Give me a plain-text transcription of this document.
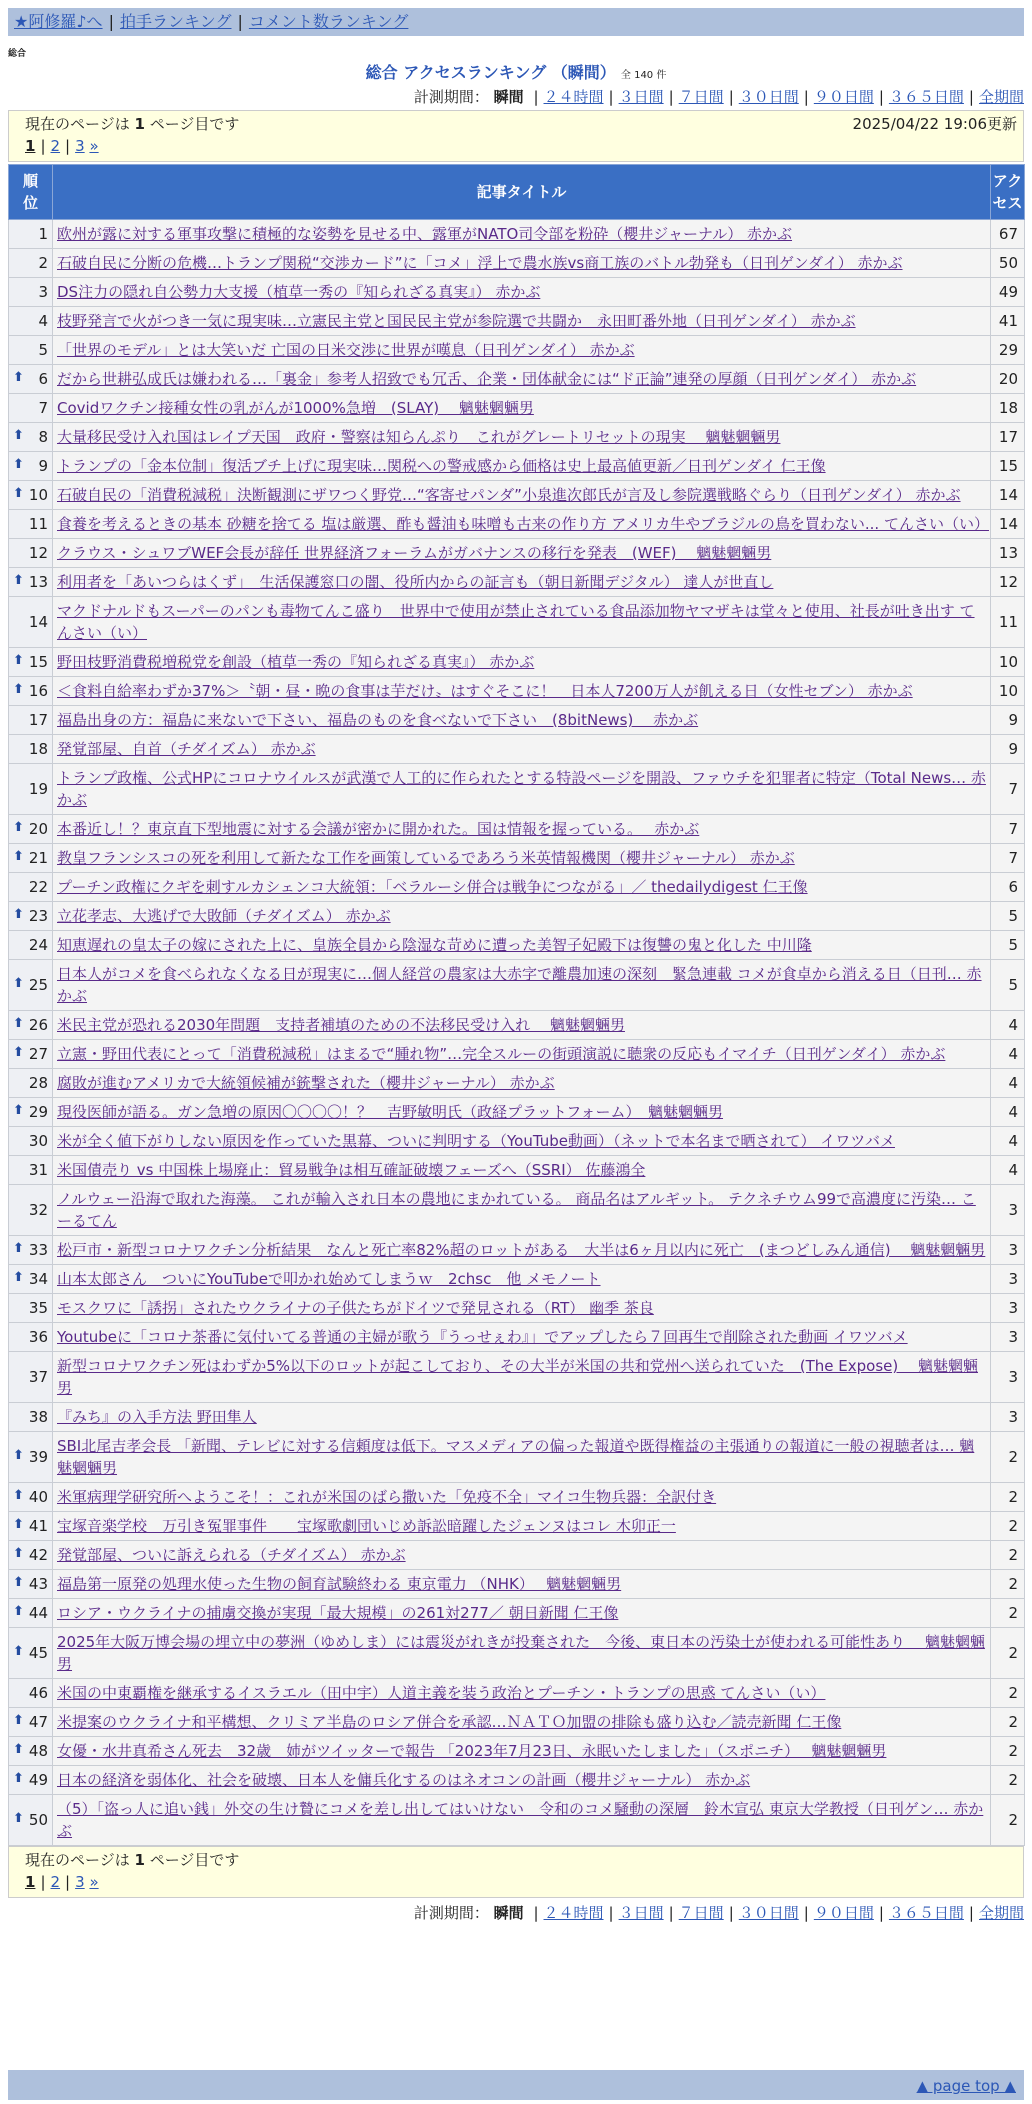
★阿修羅♪へ | 拍手ランキング | コメント数ランキング
総合
総合 アクセスランキング （瞬間） 全 140 件
計測期間： 瞬間 | ２４時間 | ３日間 | ７日間 | ３０日間 | ９０日間 | ３６５日間 | 全期間
現在のページは 1 ページ目です	2025/04/22 19:06更新
1 | 2 | 3 »
順位	記事タイトル	アクセス
1	欧州が露に対する軍事攻撃に積極的な姿勢を見せる中、露軍がNATO司令部を粉砕（櫻井ジャーナル） 赤かぶ	67
2	石破自民に分断の危機…トランプ関税“交渉カード”に「コメ」浮上で農水族vs商工族のバトル勃発も（日刊ゲンダイ） 赤かぶ	50
3	DS注力の隠れ自公勢力大支援（植草一秀の『知られざる真実』） 赤かぶ	49
4	枝野発言で火がつき一気に現実味…立憲民主党と国民民主党が参院選で共闘か　永田町番外地（日刊ゲンダイ） 赤かぶ	41
5	「世界のモデル」とは大笑いだ 亡国の日米交渉に世界が嘆息（日刊ゲンダイ） 赤かぶ	29

⬆ 6	だから世耕弘成氏は嫌われる…「裏金」参考人招致でも冗舌、企業・団体献金には“ド正論”連発の厚顔（日刊ゲンダイ） 赤かぶ	20
7	Covidワクチン接種女性の乳がんが1000%急増　(SLAY)　 魑魅魍魎男	18

⬆ 8	大量移民受け入れ国はレイプ天国　政府・警察は知らんぷり　これがグレートリセットの現実　 魑魅魍魎男	17

⬆ 9	トランプの「金本位制」復活ブチ上げに現実味…関税への警戒感から価格は史上最高値更新／日刊ゲンダイ 仁王像	15

⬆ 10	石破自民の「消費税減税」決断観測にザワつく野党…“客寄せパンダ”小泉進次郎氏が言及し参院選戦略ぐらり（日刊ゲンダイ） 赤かぶ	14
11	食養を考えるときの基本 砂糖を捨てる 塩は厳選、酢も醤油も味噌も古来の作り方 アメリカ牛やブラジルの鳥を買わない... てんさい（い）	14
12	クラウス・シュワブWEF会長が辞任 世界経済フォーラムがガバナンスの移行を発表　(WEF)　 魑魅魍魎男	13

⬆ 13	利用者を「あいつらはくず」　生活保護窓口の闇、役所内からの証言も（朝日新聞デジタル） 達人が世直し	12
14	マクドナルドもスーパーのパンも毒物てんこ盛り　世界中で使用が禁止されている食品添加物ヤマザキは堂々と使用、社長が吐き出す てんさい（い）	11

⬆ 15	野田枝野消費税増税党を創設（植草一秀の『知られざる真実』） 赤かぶ	10

⬆ 16	＜食料自給率わずか37%＞〝朝・昼・晩の食事は芋だけ〟はすぐそこに！　日本人7200万人が飢える日（女性セブン） 赤かぶ	10
17	福島出身の方：福島に来ないで下さい、福島のものを食べないで下さい　(8bitNews)　 赤かぶ	9
18	発覚部屋、自首（チダイズム） 赤かぶ	9
19	トランプ政権、公式HPにコロナウイルスが武漢で人工的に作られたとする特設ページを開設、ファウチを犯罪者に特定（Total News… 赤かぶ	7

⬆ 20	本番近し！？東京直下型地震に対する会議が密かに開かれた。国は情報を握っている。　 赤かぶ	7

⬆ 21	教皇フランシスコの死を利用して新たな工作を画策しているであろう米英情報機関（櫻井ジャーナル） 赤かぶ	7
22	プーチン政権にクギを刺すルカシェンコ大統領：「ベラルーシ併合は戦争につながる」／ thedailydigest 仁王像	6

⬆ 23	立花孝志、大逃げで大敗師（チダイズム） 赤かぶ	5
24	知恵遅れの皇太子の嫁にされた上に、皇族全員から陰湿な苛めに遭った美智子妃殿下は復讐の鬼と化した 中川隆	5

⬆ 25	日本人がコメを食べられなくなる日が現実に…個人経営の農家は大赤字で離農加速の深刻　緊急連載 コメが食卓から消える日（日刊… 赤かぶ	5

⬆ 26	米民主党が恐れる2030年問題　支持者補填のための不法移民受け入れ　 魑魅魍魎男	4

⬆ 27	立憲・野田代表にとって「消費税減税」はまるで“腫れ物”…完全スルーの街頭演説に聴衆の反応もイマイチ（日刊ゲンダイ） 赤かぶ	4
28	腐敗が進むアメリカで大統領候補が銃撃された（櫻井ジャーナル） 赤かぶ	4

⬆ 29	現役医師が語る。ガン急増の原因〇〇〇〇！？　吉野敏明氏（政経プラットフォーム）　魑魅魍魎男	4
30	米が全く値下がりしない原因を作っていた黒幕、ついに判明する（YouTube動画）（ネットで本名まで晒されて） イワツバメ	4
31	米国債売り vs 中国株上場廃止：貿易戦争は相互確証破壊フェーズへ（SSRI） 佐藤鴻全	4
32	ノルウェー沿海で取れた海藻。 これが輸入され日本の農地にまかれている。 商品名はアルギット。 テクネチウム99で高濃度に汚染… こーるてん	3

⬆ 33	松戸市・新型コロナワクチン分析結果　なんと死亡率82%超のロットがある　大半は6ヶ月以内に死亡　(まつどしみん通信)　 魑魅魍魎男	3

⬆ 34	山本太郎さん　ついにYouTubeで叩かれ始めてしまうｗ　2chsc　他 メモノート	3
35	モスクワに「誘拐」されたウクライナの子供たちがドイツで発見される（RT） 幽季 茶良	3
36	Youtubeに「コロナ茶番に気付いてる普通の主婦が歌う『うっせぇわ』」でアップしたら７回再生で削除された動画 イワツバメ	3
37	新型コロナワクチン死はわずか5%以下のロットが起こしており、その大半が米国の共和党州へ送られていた　(The Expose)　 魑魅魍魎男	3
38	『みち』の入手方法 野田隼人	3

⬆ 39	SBI北尾吉孝会長 「新聞、テレビに対する信頼度は低下。マスメディアの偏った報道や既得権益の主張通りの報道に一般の視聴者は… 魑魅魍魎男	2

⬆ 40	米軍病理学研究所へようこそ！：これが米国のばら撒いた「免疫不全」マイコ生物兵器：全訳付き	2

⬆ 41	宝塚音楽学校　万引き冤罪事件　　宝塚歌劇団いじめ訴訟暗躍したジェンヌはコレ 木卯正一	2

⬆ 42	発覚部屋、ついに訴えられる（チダイズム） 赤かぶ	2

⬆ 43	福島第一原発の処理水使った生物の飼育試験終わる 東京電力 （NHK）　 魑魅魍魎男	2

⬆ 44	ロシア・ウクライナの捕虜交換が実現「最大規模」の261対277／ 朝日新聞 仁王像	2

⬆ 45	2025年大阪万博会場の埋立中の夢洲（ゆめしま）には震災がれきが投棄された　今後、東日本の汚染土が使われる可能性あり　 魑魅魍魎男	2
46	米国の中東覇権を継承するイスラエル（田中宇）人道主義を装う政治とプーチン・トランプの思惑 てんさい（い）	2

⬆ 47	米提案のウクライナ和平構想、クリミア半島のロシア併合を承認…ＮＡＴＯ加盟の排除も盛り込む／読売新聞 仁王像	2

⬆ 48	女優・水井真希さん死去　32歳　姉がツイッターで報告 「2023年7月23日、永眠いたしました」（スポニチ）　 魑魅魍魎男	2

⬆ 49	日本の経済を弱体化、社会を破壊、日本人を傭兵化するのはネオコンの計画（櫻井ジャーナル） 赤かぶ	2

⬆ 50	（5）「盗っ人に追い銭」外交の生け贄にコメを差し出してはいけない　令和のコメ騒動の深層　鈴木宣弘 東京大学教授（日刊ゲン… 赤かぶ	2
現在のページは 1 ページ目です
1 | 2 | 3 »
計測期間： 瞬間 | ２４時間 | ３日間 | ７日間 | ３０日間 | ９０日間 | ３６５日間 | 全期間
▲ page top ▲
